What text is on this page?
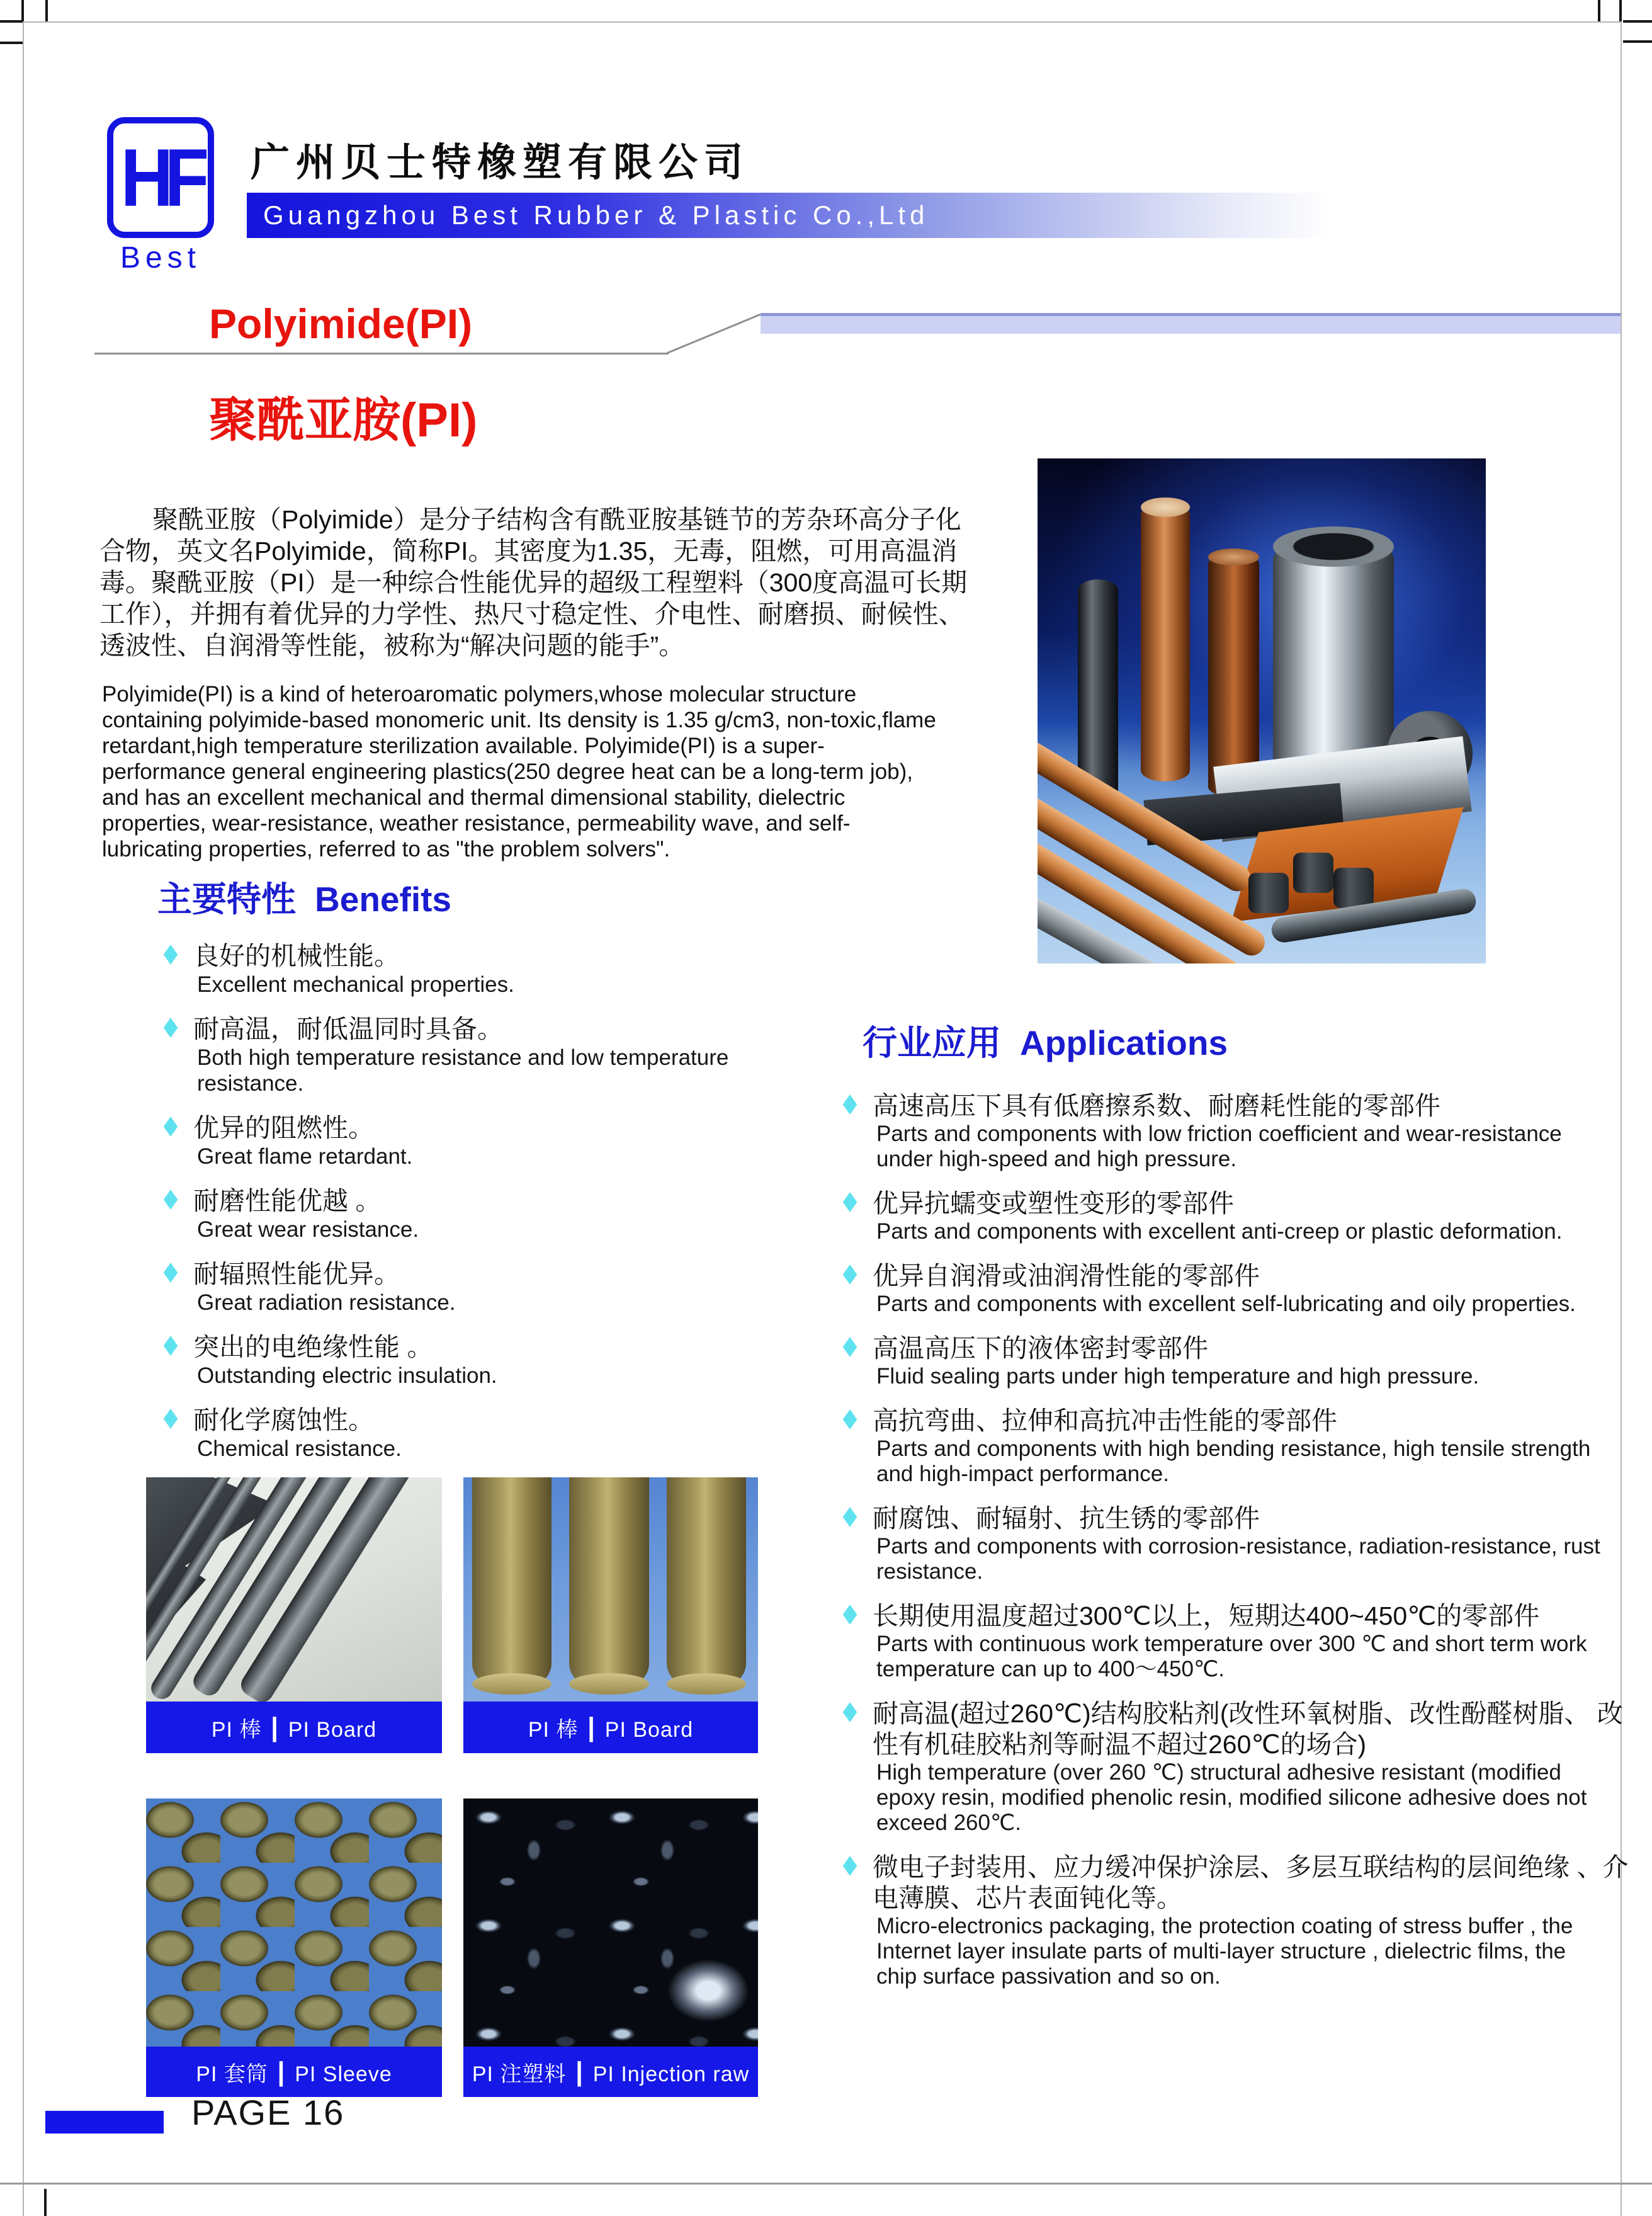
HF
Best
广州贝士特橡塑有限公司
Guangzhou Best Rubber & Plastic Co.,Ltd
Polyimide(PI)
聚酰亚胺(PI)
聚酰亚胺（Polyimide）是分子结构含有酰亚胺基链节的芳杂环高分子化合物，英文名Polyimide，简称PI。其密度为1.35，无毒，阻燃，可用高温消毒。聚酰亚胺（PI）是一种综合性能优异的超级工程塑料（300度高温可长期工作），并拥有着优异的力学性、热尺寸稳定性、介电性、耐磨损、耐候性、透波性、自润滑等性能，被称为“解决问题的能手”。
Polyimide(PI) is a kind of heteroaromatic polymers,whose molecular structure containing polyimide-based monomeric unit. Its density is 1.35 g/cm3, non-toxic,flame retardant,high temperature sterilization available. Polyimide(PI) is a super-performance general engineering plastics(250 degree heat can be a long-term job), and has an excellent mechanical and thermal dimensional stability, dielectric properties, wear-resistance, weather resistance, permeability wave, and self-lubricating properties, referred to as "the problem solvers".
主要特性 Benefits
良好的机械性能。
Excellent mechanical properties.
耐高温，耐低温同时具备。
Both high temperature resistance and low temperature resistance.
优异的阻燃性。
Great flame retardant.
耐磨性能优越 。
Great wear resistance.
耐辐照性能优异。
Great radiation resistance.
突出的电绝缘性能 。
Outstanding electric insulation.
耐化学腐蚀性。
Chemical resistance.
行业应用 Applications
高速高压下具有低磨擦系数、耐磨耗性能的零部件
Parts and components with low friction coefficient and wear-resistance under high-speed and high pressure.
优异抗蠕变或塑性变形的零部件
Parts and components with excellent anti-creep or plastic deformation.
优异自润滑或油润滑性能的零部件
Parts and components with excellent self-lubricating and oily properties.
高温高压下的液体密封零部件
Fluid sealing parts under high temperature and high pressure.
高抗弯曲、拉伸和高抗冲击性能的零部件
Parts and components with high bending resistance, high tensile strength and high-impact performance.
耐腐蚀、耐辐射、抗生锈的零部件
Parts and components with corrosion-resistance, radiation-resistance, rust resistance.
长期使用温度超过300℃以上，短期达400~450℃的零部件
Parts with continuous work temperature over 300 ℃ and short term work temperature can up to 400～450℃.
耐高温(超过260℃)结构胶粘剂(改性环氧树脂、改性酚醛树脂、 改性有机硅胶粘剂等耐温不超过260℃的场合)
High temperature (over 260 ℃) structural adhesive resistant (modified epoxy resin, modified phenolic resin, modified silicone adhesive does not exceed 260℃.
微电子封装用、应力缓冲保护涂层、多层互联结构的层间绝缘 、介 电薄膜、芯片表面钝化等。
Micro-electronics packaging, the protection coating of stress buffer , the Internet layer insulate parts of multi-layer structure , dielectric films, the chip surface passivation and so on.
PI 棒 ┃ PI Board	PI 棒 ┃ PI Board
PI 套筒 ┃ PI Sleeve	PI 注塑料 ┃ PI Injection raw
PAGE 16
